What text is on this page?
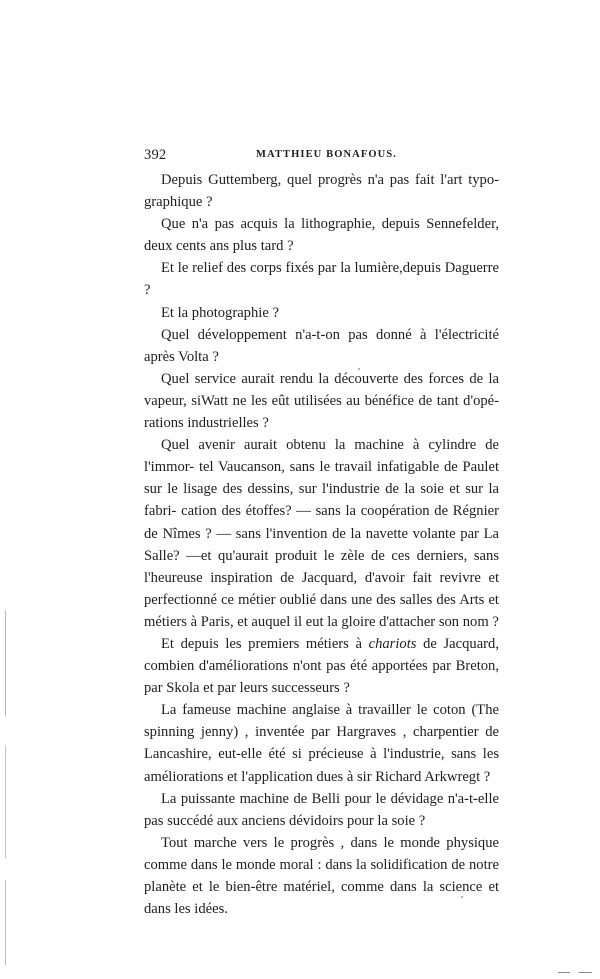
392	MATTHIEU BONAFOUS.

Depuis Guttemberg, quel progrès n'a pas fait l'art typo- graphique ?

Que n'a pas acquis la lithographie, depuis Sennefelder, deux cents ans plus tard ?

Et le relief des corps fixés par la lumière,depuis Daguerre ?

Et la photographie ?

Quel développement n'a-t-on pas donné à l'électricité après Volta ?

Quel service aurait rendu la découverte des forces de la vapeur, siWatt ne les eût utilisées au bénéfice de tant d'opé- rations industrielles ?

Quel avenir aurait obtenu la machine à cylindre de l'immor- tel Vaucanson, sans le travail infatigable de Paulet sur le lisage des dessins, sur l'industrie de la soie et sur la fabri- cation des étoffes? — sans la coopération de Régnier de Nîmes ? — sans l'invention de la navette volante par La Salle? —et qu'aurait produit le zèle de ces derniers, sans l'heureuse inspiration de Jacquard, d'avoir fait revivre et perfectionné ce métier oublié dans une des salles des Arts et métiers à Paris, et auquel il eut la gloire d'attacher son nom ?

Et depuis les premiers métiers à chariots de Jacquard, combien d'améliorations n'ont pas été apportées par Breton, par Skola et par leurs successeurs ?

La fameuse machine anglaise à travailler le coton (The spinning jenny) , inventée par Hargraves , charpentier de Lancashire, eut-elle été si précieuse à l'industrie, sans les améliorations et l'application dues à sir Richard Arkwregt ?

La puissante machine de Belli pour le dévidage n'a-t-elle pas succédé aux anciens dévidoirs pour la soie ?

Tout marche vers le progrès , dans le monde physique comme dans le monde moral : dans la solidification de notre planète et le bien-être matériel, comme dans la science et dans les idées.
